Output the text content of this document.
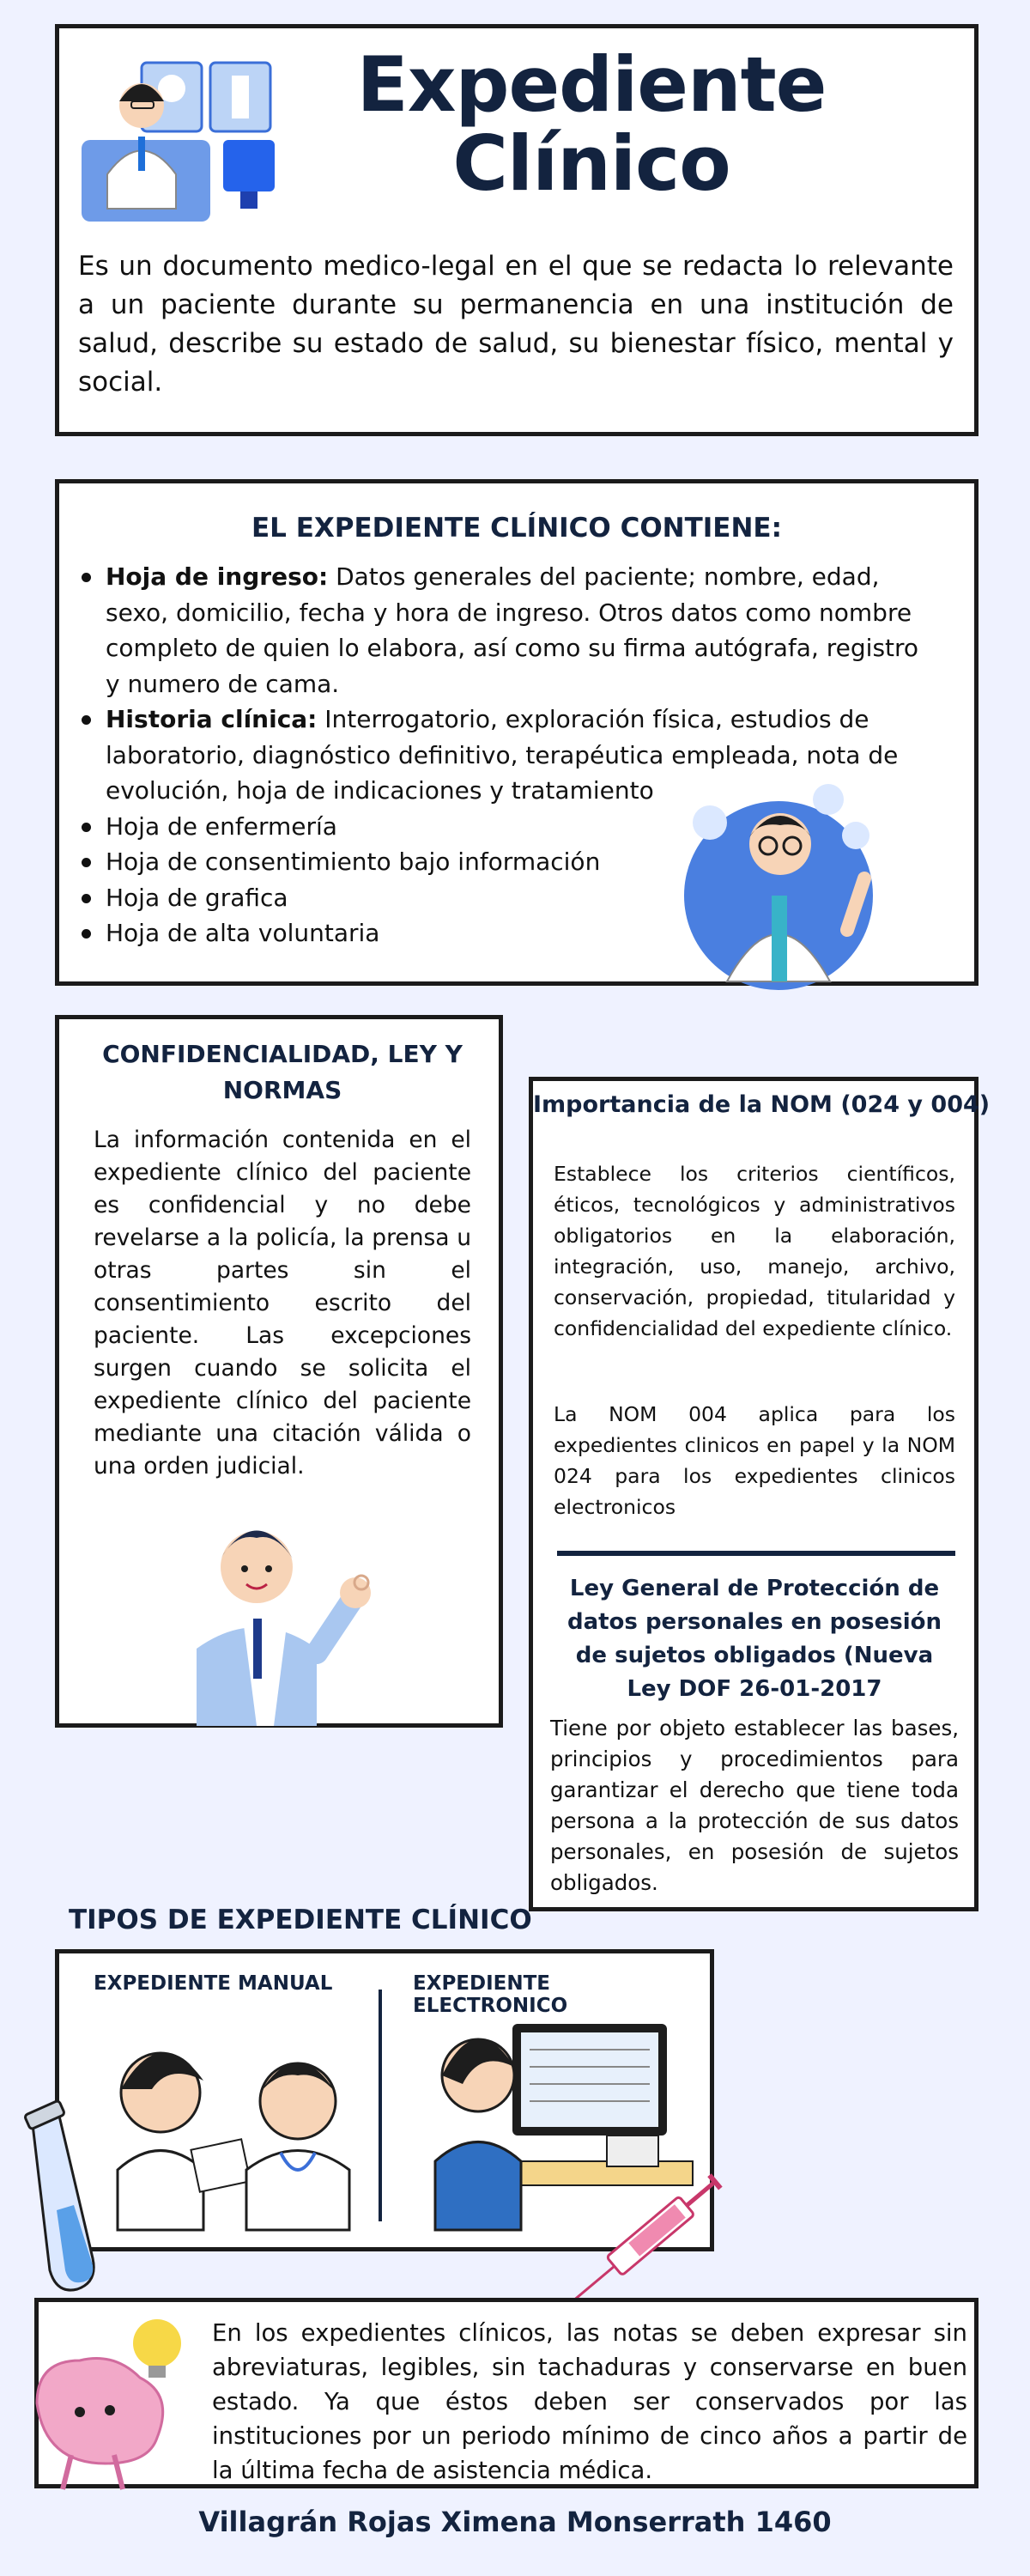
Expediente
Clínico

Es un documento medico-legal en el que se redacta lo relevante a un paciente durante su permanencia en una institución de salud, describe su estado de salud, su bienestar físico, mental y social.

EL EXPEDIENTE CLÍNICO CONTIENE:
Hoja de ingreso: Datos generales del paciente; nombre, edad, sexo, domicilio, fecha y hora de ingreso. Otros datos como nombre completo de quien lo elabora, así como su firma autógrafa, registro y numero de cama.
Historia clínica: Interrogatorio, exploración física, estudios de laboratorio, diagnóstico definitivo, terapéutica empleada, nota de evolución, hoja de indicaciones y tratamiento
Hoja de enfermería
Hoja de consentimiento bajo información
Hoja de grafica
Hoja de alta voluntaria
CONFIDENCIALIDAD, LEY Y NORMAS

La información contenida en el expediente clínico del paciente es confidencial y no debe revelarse a la policía, la prensa u otras partes sin el consentimiento escrito del paciente. Las excepciones surgen cuando se solicita el expediente clínico del paciente mediante una citación válida o una orden judicial.

Importancia de la NOM (024 y 004)

Establece los criterios científicos, éticos, tecnológicos y administrativos obligatorios en la elaboración, integración, uso, manejo, archivo, conservación, propiedad, titularidad y confidencialidad del expediente clínico.

La NOM 004 aplica para los expedientes clinicos en papel y la NOM 024 para los expedientes clinicos electronicos

Ley General de Protección de datos personales en posesión de sujetos obligados (Nueva Ley DOF 26-01-2017

Tiene por objeto establecer las bases, principios y procedimientos para garantizar el derecho que tiene toda persona a la protección de sus datos personales, en posesión de sujetos obligados.

TIPOS DE EXPEDIENTE CLÍNICO
EXPEDIENTE MANUAL	EXPEDIENTE ELECTRONICO

En los expedientes clínicos, las notas se deben expresar sin abreviaturas, legibles, sin tachaduras y conservarse en buen estado. Ya que éstos deben ser conservados por las instituciones por un periodo mínimo de cinco años a partir de la última fecha de asistencia médica.

Villagrán Rojas Ximena Monserrath 1460
